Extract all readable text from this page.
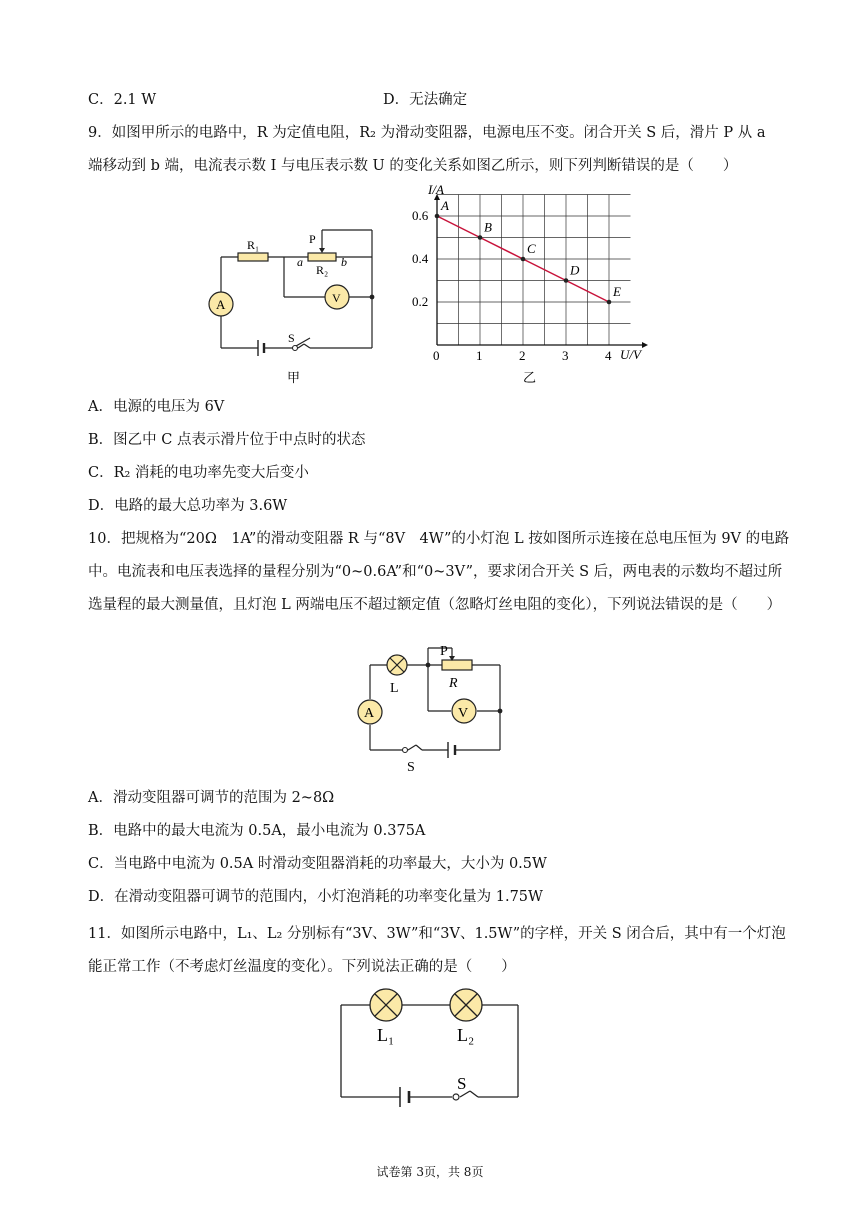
C．2.1 W	D．无法确定
9．如图甲所示的电路中，R 为定值电阻，R₂ 为滑动变阻器，电源电压不变。闭合开关 S 后，滑片 P 从 a
端移动到 b 端，电流表示数 I 与电压表示数 U 的变化关系如图乙所示，则下列判断错误的是（　　）
R₁	P
a
R₂
b
A	V
S
甲
0	1	2	3	4
0.2
0.4
0.6
A
B
C
D
E
I/A
U/V
乙
A．电源的电压为 6V
B．图乙中 C 点表示滑片位于中点时的状态
C．R₂ 消耗的电功率先变大后变小
D．电路的最大总功率为 3.6W
10．把规格为“20Ω　1A”的滑动变阻器 R 与“8V　4W”的小灯泡 L 按如图所示连接在总电压恒为 9V 的电路
中。电流表和电压表选择的量程分别为“0~0.6A”和“0~3V”，要求闭合开关 S 后，两电表的示数均不超过所
选量程的最大测量值，且灯泡 L 两端电压不超过额定值（忽略灯丝电阻的变化），下列说法错误的是（　　）
L
P
R
A	V
S
A．滑动变阻器可调节的范围为 2~8Ω
B．电路中的最大电流为 0.5A，最小电流为 0.375A
C．当电路中电流为 0.5A 时滑动变阻器消耗的功率最大，大小为 0.5W
D．在滑动变阻器可调节的范围内，小灯泡消耗的功率变化量为 1.75W
11．如图所示电路中，L₁、L₂ 分别标有“3V、3W”和“3V、1.5W”的字样，开关 S 闭合后，其中有一个灯泡
能正常工作（不考虑灯丝温度的变化）。下列说法正确的是（　　）
L₁	L₂
S
试卷第 3页，共 8页
